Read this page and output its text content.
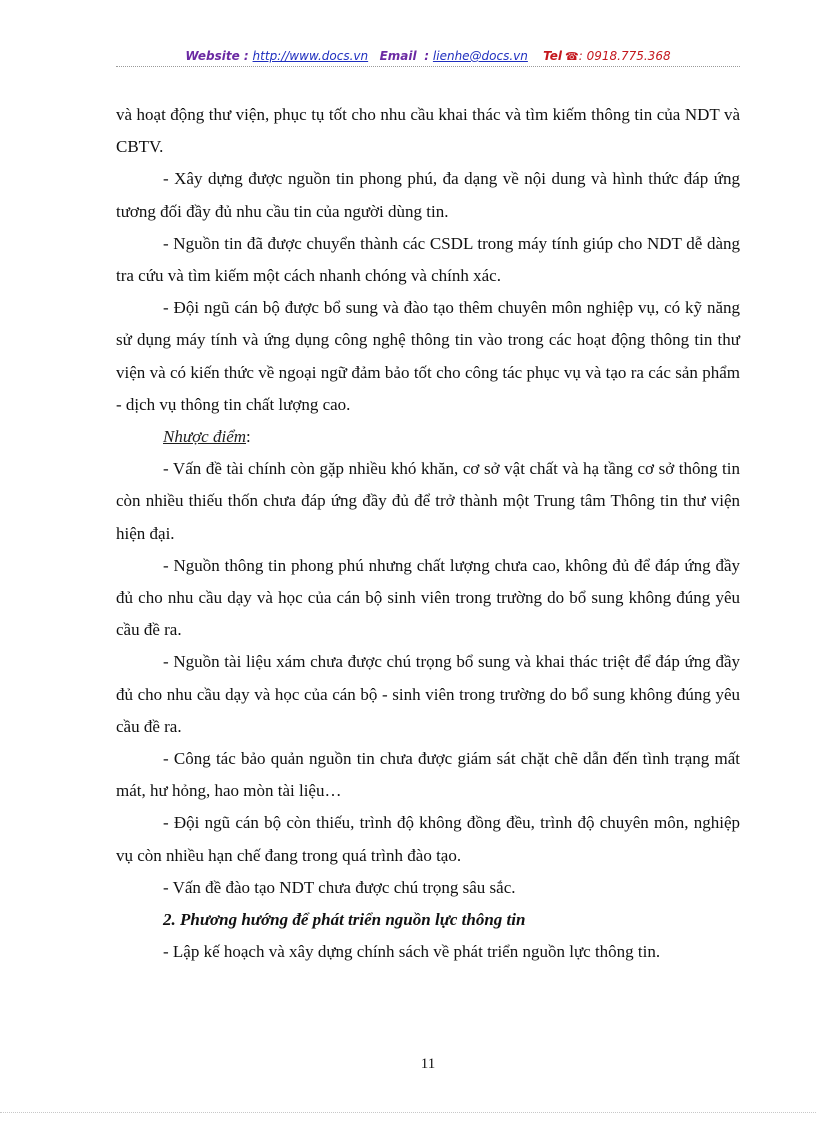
Website : http://www.docs.vn Email : lienhe@docs.vn Tel ☎: 0918.775.368

và hoạt động thư viện, phục tụ tốt cho nhu cầu khai thác và tìm kiếm thông tin của NDT và CBTV.

- Xây dựng được nguồn tin phong phú, đa dạng về nội dung và hình thức đáp ứng tương đối đầy đủ nhu cầu tin của người dùng tin.

- Nguồn tin đã được chuyển thành các CSDL trong máy tính giúp cho NDT dễ dàng tra cứu và tìm kiếm một cách nhanh chóng và chính xác.

- Đội ngũ cán bộ được bổ sung và đào tạo thêm chuyên môn nghiệp vụ, có kỹ năng sử dụng máy tính và ứng dụng công nghệ thông tin vào trong các hoạt động thông tin thư viện và có kiến thức về ngoại ngữ đảm bảo tốt cho công tác phục vụ và tạo ra các sản phẩm - dịch vụ thông tin chất lượng cao.

Nhược điểm:

- Vấn đề tài chính còn gặp nhiều khó khăn, cơ sở vật chất và hạ tầng cơ sở thông tin còn nhiều thiếu thốn chưa đáp ứng đầy đủ để trở thành một Trung tâm Thông tin thư viện hiện đại.

- Nguồn thông tin phong phú nhưng chất lượng chưa cao, không đủ để đáp ứng đầy đủ cho nhu cầu dạy và học của cán bộ sinh viên trong trường do bổ sung không đúng yêu cầu đề ra.

- Nguồn tài liệu xám chưa được chú trọng bổ sung và khai thác triệt để đáp ứng đầy đủ cho nhu cầu dạy và học của cán bộ - sinh viên trong trường do bổ sung không đúng yêu cầu đề ra.

- Công tác bảo quản nguồn tin chưa được giám sát chặt chẽ dẫn đến tình trạng mất mát, hư hỏng, hao mòn tài liệu…

- Đội ngũ cán bộ còn thiếu, trình độ không đồng đều, trình độ chuyên môn, nghiệp vụ còn nhiều hạn chế đang trong quá trình đào tạo.

- Vấn đề đào tạo NDT chưa được chú trọng sâu sắc.

2. Phương hướng để phát triển nguồn lực thông tin

- Lập kế hoạch và xây dựng chính sách về phát triển nguồn lực thông tin.

11
